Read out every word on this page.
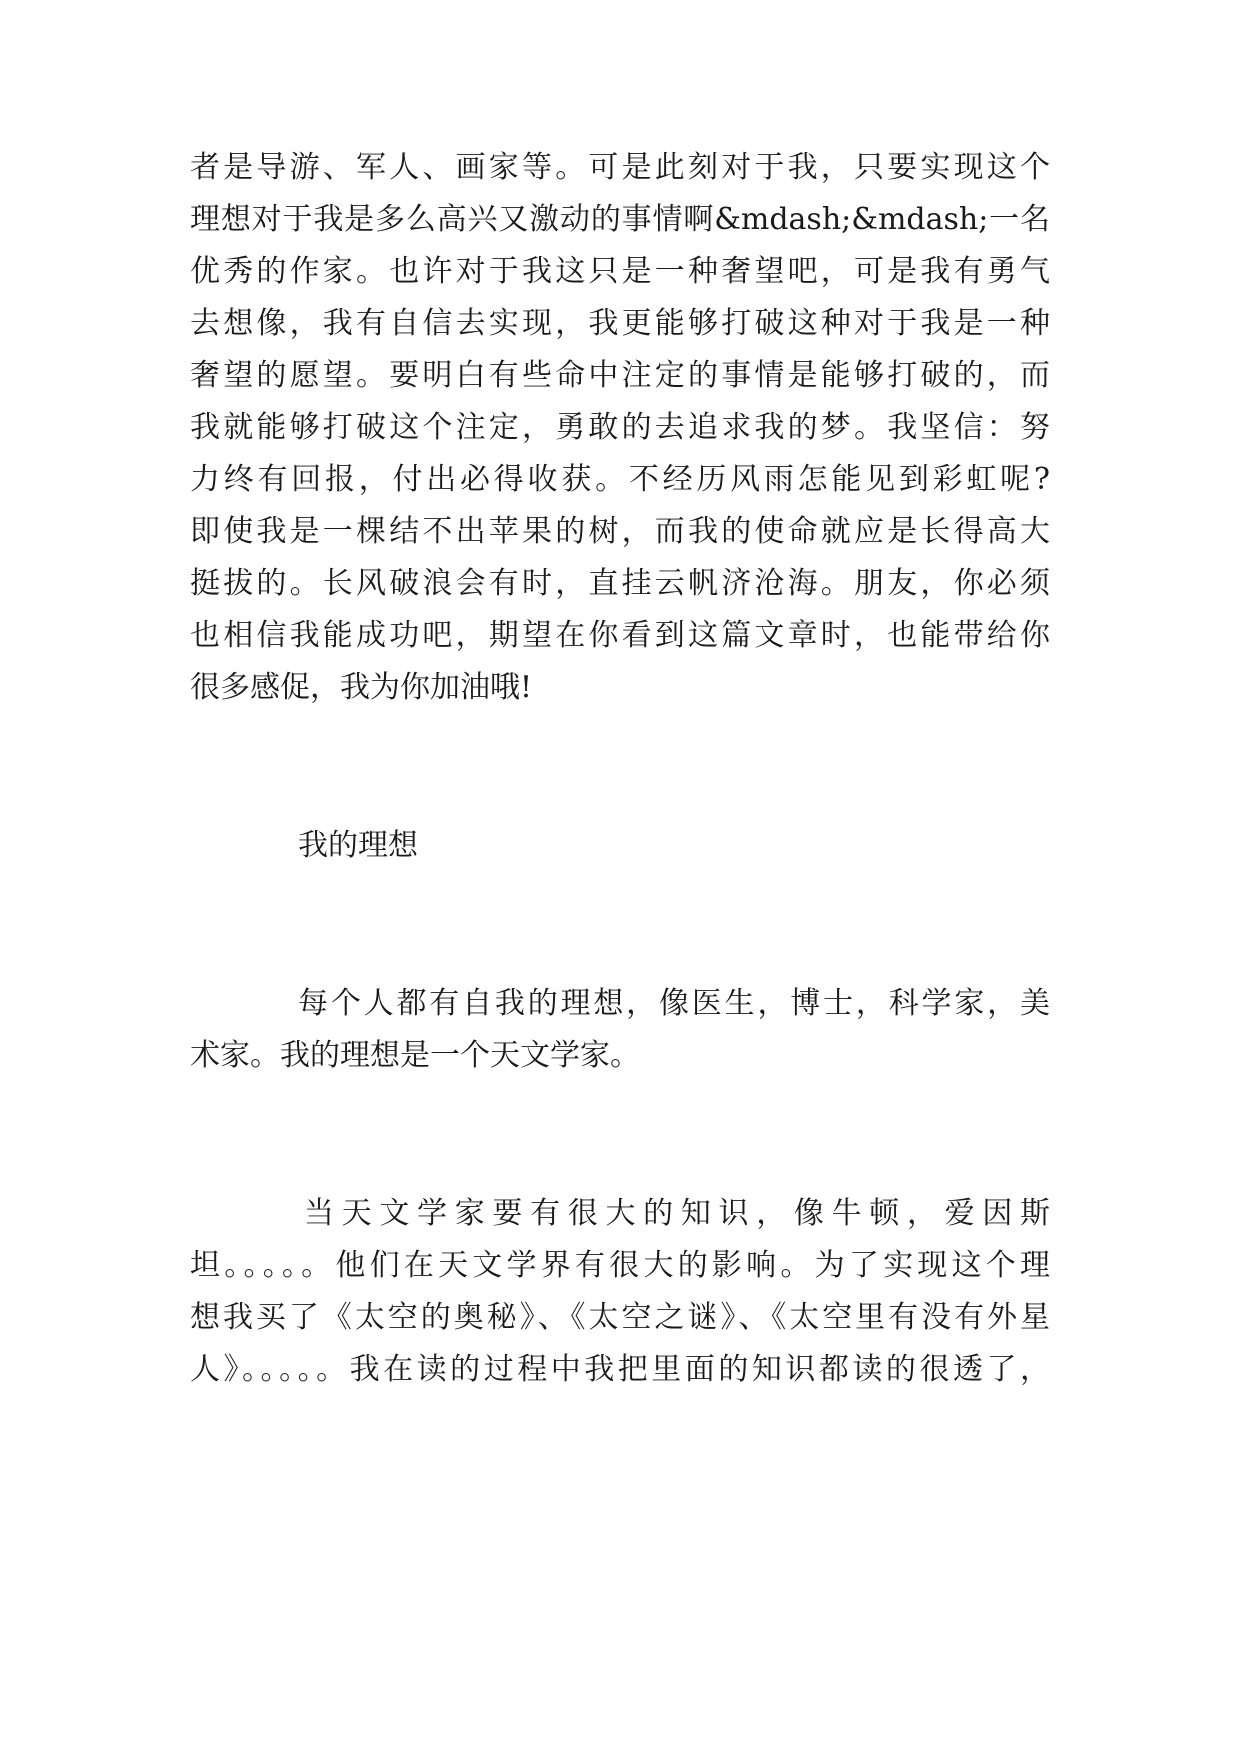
者是导游、军人、画家等。可是此刻对于我，只要实现这个
理想对于我是多么高兴又激动的事情啊&mdash;&mdash;一名
优秀的作家。也许对于我这只是一种奢望吧，可是我有勇气
去想像，我有自信去实现，我更能够打破这种对于我是一种
奢望的愿望。要明白有些命中注定的事情是能够打破的，而
我就能够打破这个注定，勇敢的去追求我的梦。我坚信：努
力终有回报，付出必得收获。不经历风雨怎能见到彩虹呢?
即使我是一棵结不出苹果的树，而我的使命就应是长得高大
挺拔的。长风破浪会有时，直挂云帆济沧海。朋友，你必须
也相信我能成功吧，期望在你看到这篇文章时，也能带给你
很多感促，我为你加油哦!
我的理想
每个人都有自我的理想，像医生，博士，科学家，美
术家。我的理想是一个天文学家。
当天文学家要有很大的知识，像牛顿，爱因斯
坦。。。。。他们在天文学界有很大的影响。为了实现这个理
想我买了《太空的奥秘》、《太空之谜》、《太空里有没有外星
人》。。。。。我在读的过程中我把里面的知识都读的很透了，
